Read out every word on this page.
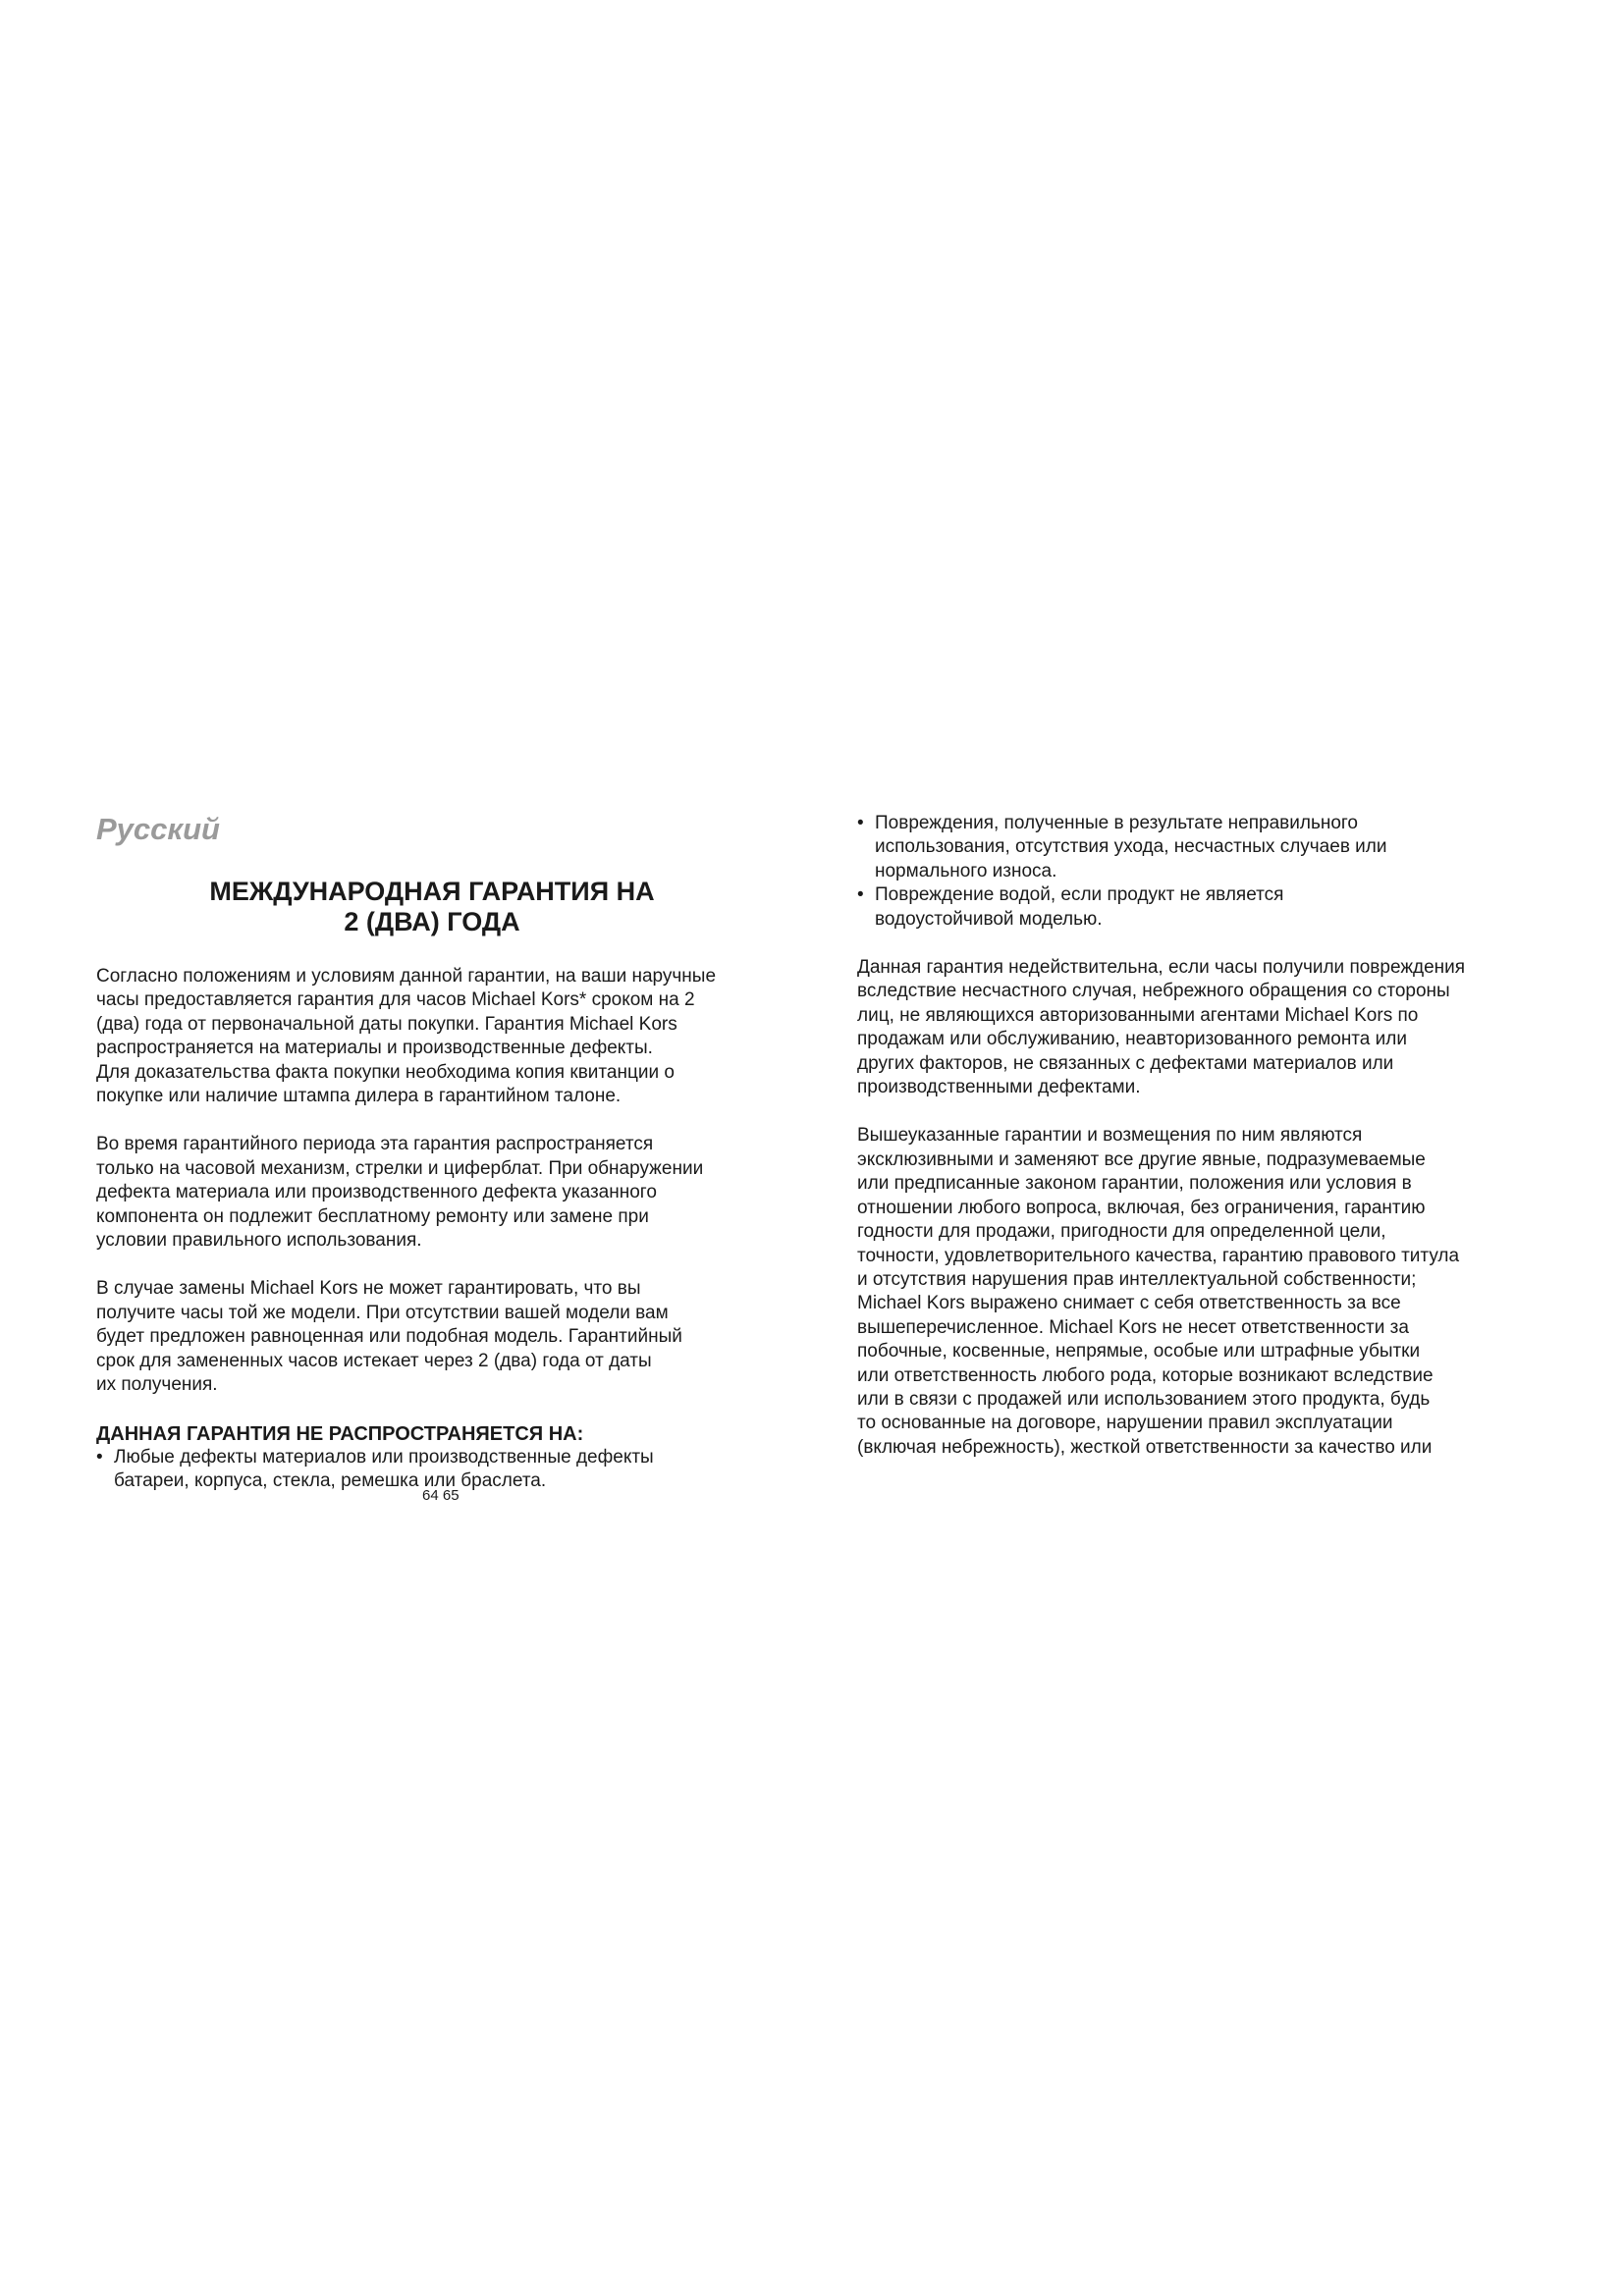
Русский

МЕЖДУНАРОДНАЯ ГАРАНТИЯ НА
2 (ДВА) ГОДА

Согласно положениям и условиям данной гарантии, на ваши наручные
часы предоставляется гарантия для часов Michael Kors* сроком на 2
(два) года от первоначальной даты покупки. Гарантия Michael Kors
распространяется на материалы и производственные дефекты.
Для доказательства факта покупки необходима копия квитанции о
покупке или наличие штампа дилера в гарантийном талоне.

Во время гарантийного периода эта гарантия распространяется
только на часовой механизм, стрелки и циферблат. При обнаружении
дефекта материала или производственного дефекта указанного
компонента он подлежит бесплатному ремонту или замене при
условии правильного использования.

В случае замены Michael Kors не может гарантировать, что вы
получите часы той же модели. При отсутствии вашей модели вам
будет предложен равноценная или подобная модель. Гарантийный
срок для замененных часов истекает через 2 (два) года от даты
их получения.

ДАННАЯ ГАРАНТИЯ НЕ РАСПРОСТРАНЯЕТСЯ НА:
• Любые дефекты материалов или производственные дефекты
батареи, корпуса, стекла, ремешка или браслета.
64 65
• Повреждения, полученные в результате неправильного
использования, отсутствия ухода, несчастных случаев или
нормального износа.
• Повреждение водой, если продукт не является
водоустойчивой моделью.

Данная гарантия недействительна, если часы получили повреждения
вследствие несчастного случая, небрежного обращения со стороны
лиц, не являющихся авторизованными агентами Michael Kors по
продажам или обслуживанию, неавторизованного ремонта или
других факторов, не связанных с дефектами материалов или
производственными дефектами.

Вышеуказанные гарантии и возмещения по ним являются
эксклюзивными и заменяют все другие явные, подразумеваемые
или предписанные законом гарантии, положения или условия в
отношении любого вопроса, включая, без ограничения, гарантию
годности для продажи, пригодности для определенной цели,
точности, удовлетворительного качества, гарантию правового титула
и отсутствия нарушения прав интеллектуальной собственности;
Michael Kors выражено снимает с себя ответственность за все
вышеперечисленное. Michael Kors не несет ответственности за
побочные, косвенные, непрямые, особые или штрафные убытки
или ответственность любого рода, которые возникают вследствие
или в связи с продажей или использованием этого продукта, будь
то основанные на договоре, нарушении правил эксплуатации
(включая небрежность), жесткой ответственности за качество или
